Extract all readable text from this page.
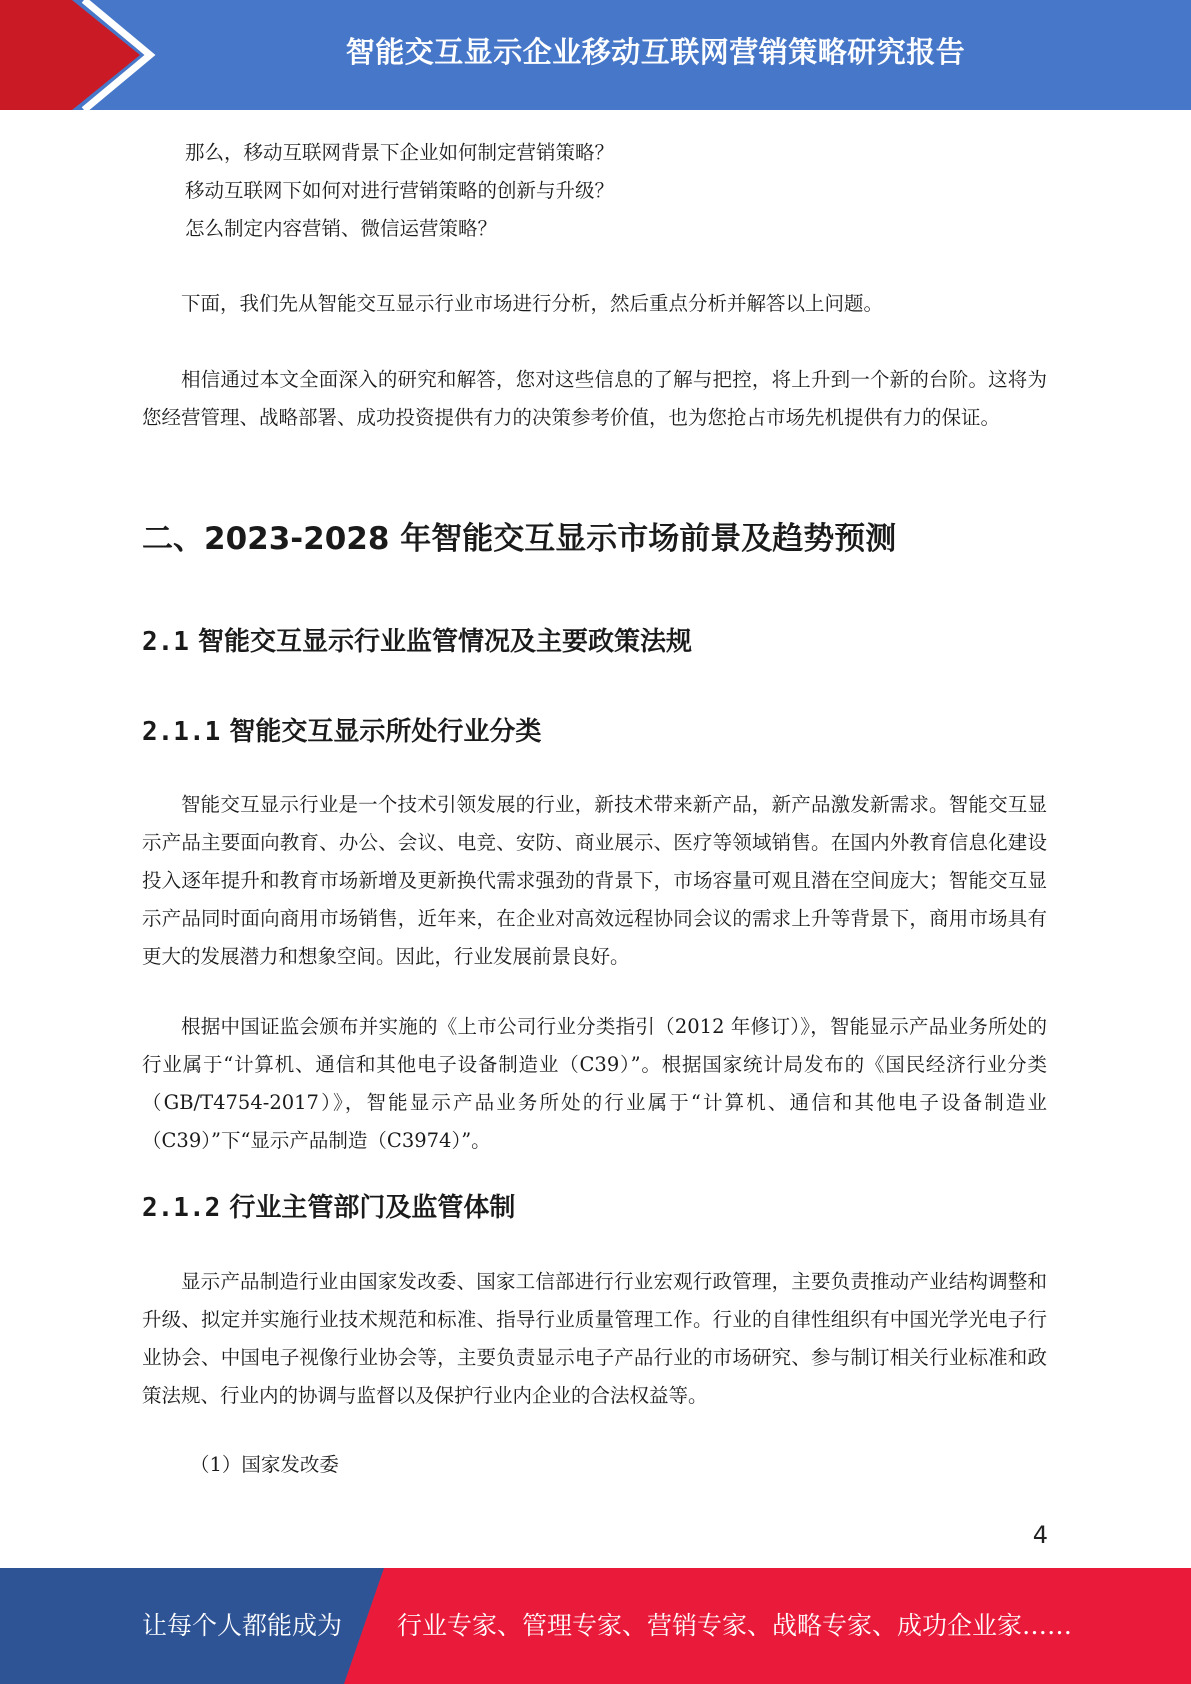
智能交互显示企业移动互联网营销策略研究报告

那么，移动互联网背景下企业如何制定营销策略？

移动互联网下如何对进行营销策略的创新与升级？

怎么制定内容营销、微信运营策略？

下面，我们先从智能交互显示行业市场进行分析，然后重点分析并解答以上问题。

相信通过本文全面深入的研究和解答，您对这些信息的了解与把控，将上升到一个新的台阶。这将为您经营管理、战略部署、成功投资提供有力的决策参考价值，也为您抢占市场先机提供有力的保证。

二、2023-2028 年智能交互显示市场前景及趋势预测
2.1 智能交互显示行业监管情况及主要政策法规
2.1.1 智能交互显示所处行业分类

智能交互显示行业是一个技术引领发展的行业，新技术带来新产品，新产品激发新需求。智能交互显示产品主要面向教育、办公、会议、电竞、安防、商业展示、医疗等领域销售。在国内外教育信息化建设投入逐年提升和教育市场新增及更新换代需求强劲的背景下，市场容量可观且潜在空间庞大；智能交互显示产品同时面向商用市场销售，近年来，在企业对高效远程协同会议的需求上升等背景下，商用市场具有更大的发展潜力和想象空间。因此，行业发展前景良好。

根据中国证监会颁布并实施的《上市公司行业分类指引（2012 年修订）》，智能显示产品业务所处的行业属于“计算机、通信和其他电子设备制造业（C39）”。根据国家统计局发布的《国民经济行业分类（GB/T4754-2017）》，智能显示产品业务所处的行业属于“计算机、通信和其他电子设备制造业（C39）”下“显示产品制造（C3974）”。

2.1.2 行业主管部门及监管体制

显示产品制造行业由国家发改委、国家工信部进行行业宏观行政管理，主要负责推动产业结构调整和升级、拟定并实施行业技术规范和标准、指导行业质量管理工作。行业的自律性组织有中国光学光电子行业协会、中国电子视像行业协会等，主要负责显示电子产品行业的市场研究、参与制订相关行业标准和政策法规、行业内的协调与监督以及保护行业内企业的合法权益等。

（1）国家发改委

4
让每个人都能成为 行业专家、管理专家、营销专家、战略专家、成功企业家……
